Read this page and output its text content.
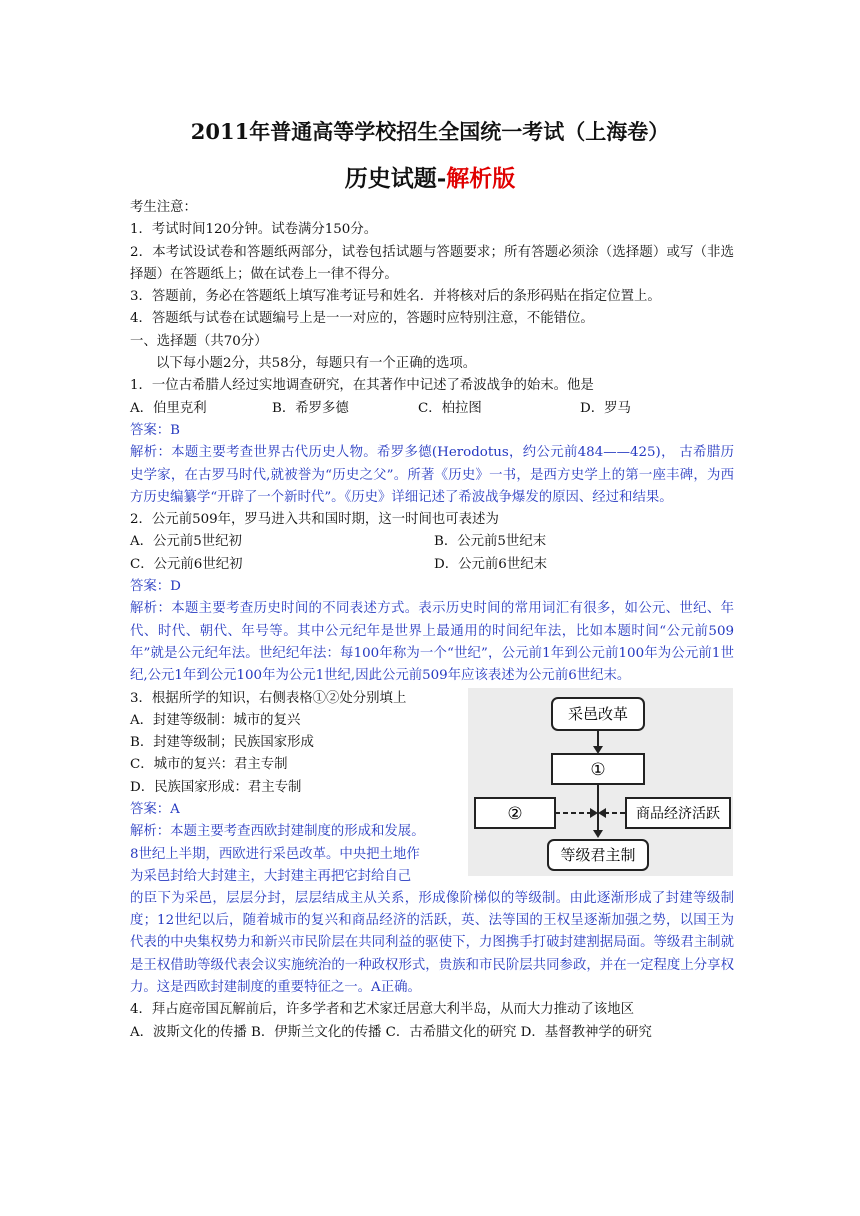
2011年普通高等学校招生全国统一考试（上海卷）
历史试题-解析版
考生注意：
1．考试时间120分钟。试卷满分150分。
2．本考试设试卷和答题纸两部分，试卷包括试题与答题要求；所有答题必须涂（选择题）或写（非选择题）在答题纸上；做在试卷上一律不得分。
3．答题前，务必在答题纸上填写准考证号和姓名．并将核对后的条形码贴在指定位置上。
4．答题纸与试卷在试题编号上是一一对应的，答题时应特别注意，不能错位。
一、选择题（共70分）
以下每小题2分，共58分，每题只有一个正确的选项。
1．一位古希腊人经过实地调查研究，在其著作中记述了希波战争的始末。他是
A．伯里克利	B．希罗多德	C．柏拉图	D．罗马
答案：B
解析：本题主要考查世界古代历史人物。希罗多德(Herodotus，约公元前484——425)， 古希腊历史学家，在古罗马时代,就被誉为“历史之父”。所著《历史》一书，是西方史学上的第一座丰碑，为西方历史编纂学“开辟了一个新时代”。《历史》详细记述了希波战争爆发的原因、经过和结果。
2．公元前509年，罗马进入共和国时期，这一时间也可表述为
A．公元前5世纪初	B．公元前5世纪末
C．公元前6世纪初	D．公元前6世纪末
答案：D
解析：本题主要考查历史时间的不同表述方式。表示历史时间的常用词汇有很多，如公元、世纪、年代、时代、朝代、年号等。其中公元纪年是世界上最通用的时间纪年法，比如本题时间“公元前509年”就是公元纪年法。世纪纪年法：每100年称为一个“世纪”，公元前1年到公元前100年为公元前1世纪,公元1年到公元100年为公元1世纪,因此公元前509年应该表述为公元前6世纪末。
3．根据所学的知识，右侧表格①②处分别填上
A．封建等级制：城市的复兴
B．封建等级制；民族国家形成
C．城市的复兴：君主专制
D．民族国家形成：君主专制
答案：A
解析：本题主要考查西欧封建制度的形成和发展。
8世纪上半期，西欧进行采邑改革。中央把土地作
采邑改革
①
②	商品经济活跃
等级君主制
为采邑封给大封建主，大封建主再把它封给自己
的臣下为采邑，层层分封，层层结成主从关系，形成像阶梯似的等级制。由此逐渐形成了封建等级制度；12世纪以后，随着城市的复兴和商品经济的活跃，英、法等国的王权呈逐渐加强之势，以国王为代表的中央集权势力和新兴市民阶层在共同利益的驱使下，力图携手打破封建割据局面。等级君主制就是王权借助等级代表会议实施统治的一种政权形式，贵族和市民阶层共同参政，并在一定程度上分享权力。这是西欧封建制度的重要特征之一。A正确。
4．拜占庭帝国瓦解前后，许多学者和艺术家迁居意大利半岛，从而大力推动了该地区
A．波斯文化的传播 B．伊斯兰文化的传播 C．古希腊文化的研究 D．基督教神学的研究
